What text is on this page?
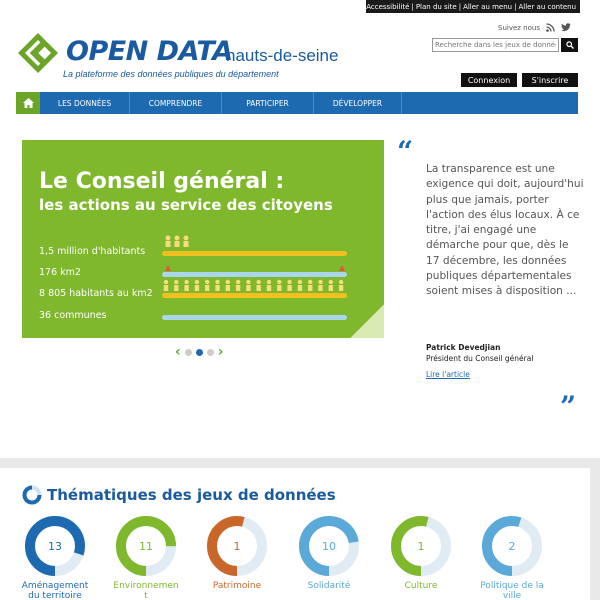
Accessibilité | Plan du site | Aller au menu | Aller au contenu
OPEN DATA
hauts-de-seine
La plateforme des données publiques du département
Suivez nous
Recherche dans les jeux de données
Connexion	S'inscrire
LES DONNÉES	COMPRENDRE	PARTICIPER	DÉVELOPPER
Le Conseil général :
les actions au service des citoyens
1,5 million d'habitants
176 km2
8 805 habitants au km2
36 communes
‹	›
“
La transparence est une exigence qui doit, aujourd'hui plus que jamais, porter l'action des élus locaux. À ce titre, j'ai engagé une démarche pour que, dès le 17 décembre, les données publiques départementales soient mises à disposition ...
Patrick Devedjian
Président du Conseil général
Lire l'article
”
Thématiques des jeux de données
13
Aménagement
du territoire
11
Environnemen
t
1
Patrimoine
10
Solidarité
1
Culture
2
Politique de la
ville
